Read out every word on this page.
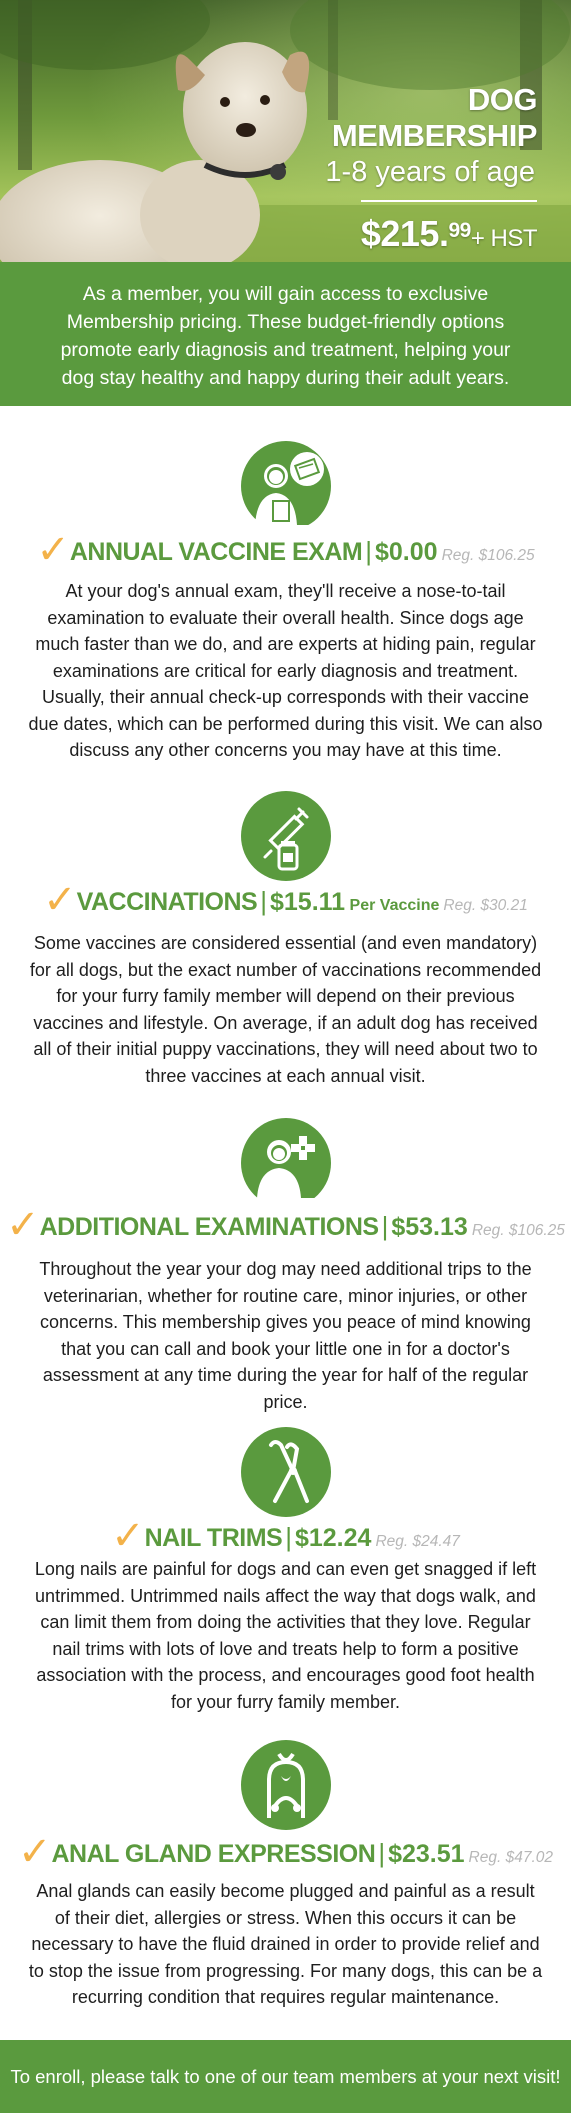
DOG MEMBERSHIP
1-8 years of age
$215.99+ HST
As a member, you will gain access to exclusive Membership pricing. These budget-friendly options promote early diagnosis and treatment, helping your dog stay healthy and happy during their adult years.
✓ANNUAL VACCINE EXAM | $0.00 Reg. $106.25
At your dog's annual exam, they'll receive a nose-to-tail examination to evaluate their overall health. Since dogs age much faster than we do, and are experts at hiding pain, regular examinations are critical for early diagnosis and treatment. Usually, their annual check-up corresponds with their vaccine due dates, which can be performed during this visit. We can also discuss any other concerns you may have at this time.
✓VACCINATIONS | $15.11 Per Vaccine Reg. $30.21
Some vaccines are considered essential (and even mandatory) for all dogs, but the exact number of vaccinations recommended for your furry family member will depend on their previous vaccines and lifestyle. On average, if an adult dog has received all of their initial puppy vaccinations, they will need about two to three vaccines at each annual visit.
✓ADDITIONAL EXAMINATIONS | $53.13 Reg. $106.25
Throughout the year your dog may need additional trips to the veterinarian, whether for routine care, minor injuries, or other concerns. This membership gives you peace of mind knowing that you can call and book your little one in for a doctor's assessment at any time during the year for half of the regular price.
✓NAIL TRIMS | $12.24 Reg. $24.47
Long nails are painful for dogs and can even get snagged if left untrimmed. Untrimmed nails affect the way that dogs walk, and can limit them from doing the activities that they love. Regular nail trims with lots of love and treats help to form a positive association with the process, and encourages good foot health for your furry family member.
✓ANAL GLAND EXPRESSION | $23.51 Reg. $47.02
Anal glands can easily become plugged and painful as a result of their diet, allergies or stress. When this occurs it can be necessary to have the fluid drained in order to provide relief and to stop the issue from progressing. For many dogs, this can be a recurring condition that requires regular maintenance.
To enroll, please talk to one of our team members at your next visit!
